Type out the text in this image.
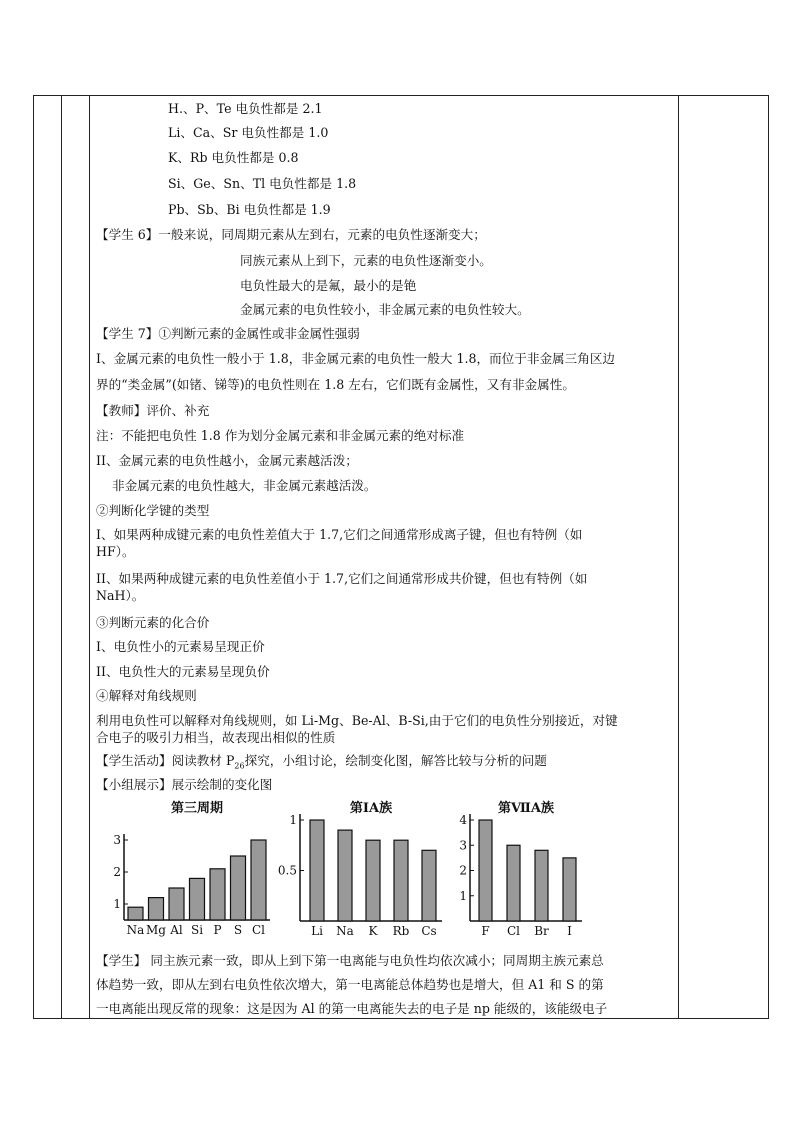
H.、P、Te 电负性都是 2.1
Li、Ca、Sr 电负性都是 1.0
K、Rb 电负性都是 0.8
Si、Ge、Sn、Tl 电负性都是 1.8
Pb、Sb、Bi 电负性都是 1.9
【学生 6】一般来说，同周期元素从左到右，元素的电负性逐渐变大；
同族元素从上到下，元素的电负性逐渐变小。
电负性最大的是氟，最小的是铯
金属元素的电负性较小，非金属元素的电负性较大。
【学生 7】①判断元素的金属性或非金属性强弱
I、金属元素的电负性一般小于 1.8，非金属元素的电负性一般大 1.8，而位于非金属三角区边
界的“类金属”(如锗、锑等)的电负性则在 1.8 左右，它们既有金属性，又有非金属性。
【教师】评价、补充
注：不能把电负性 1.8 作为划分金属元素和非金属元素的绝对标准
II、金属元素的电负性越小，金属元素越活泼；
非金属元素的电负性越大，非金属元素越活泼。
②判断化学键的类型
I、如果两种成键元素的电负性差值大于 1.7,它们之间通常形成离子键，但也有特例（如
HF）。
II、如果两种成键元素的电负性差值小于 1.7,它们之间通常形成共价键，但也有特例（如
NaH）。
③判断元素的化合价
I、电负性小的元素易呈现正价
II、电负性大的元素易呈现负价
④解释对角线规则
利用电负性可以解释对角线规则，如 Li-Mg、Be-Al、B-Si,由于它们的电负性分别接近，对键
合电子的吸引力相当，故表现出相似的性质
【学生活动】阅读教材 $P_{26}$探究，小组讨论，绘制变化图，解答比较与分析的问题
【小组展示】展示绘制的变化图
【学生】 同主族元素一致，即从上到下第一电离能与电负性均依次减小；同周期主族元素总
体趋势一致，即从左到右电负性依次增大，第一电离能总体趋势也是增大，但 A1 和 S 的第
一电离能出现反常的现象：这是因为 Al 的第一电离能失去的电子是 np 能级的，该能级电子
第三周期
1
2
3
Na Mg Al Si P S Cl
第ⅠA族
0.5
1
Li Na K Rb Cs
第ⅦA族
1
2
3
4
F Cl Br I
